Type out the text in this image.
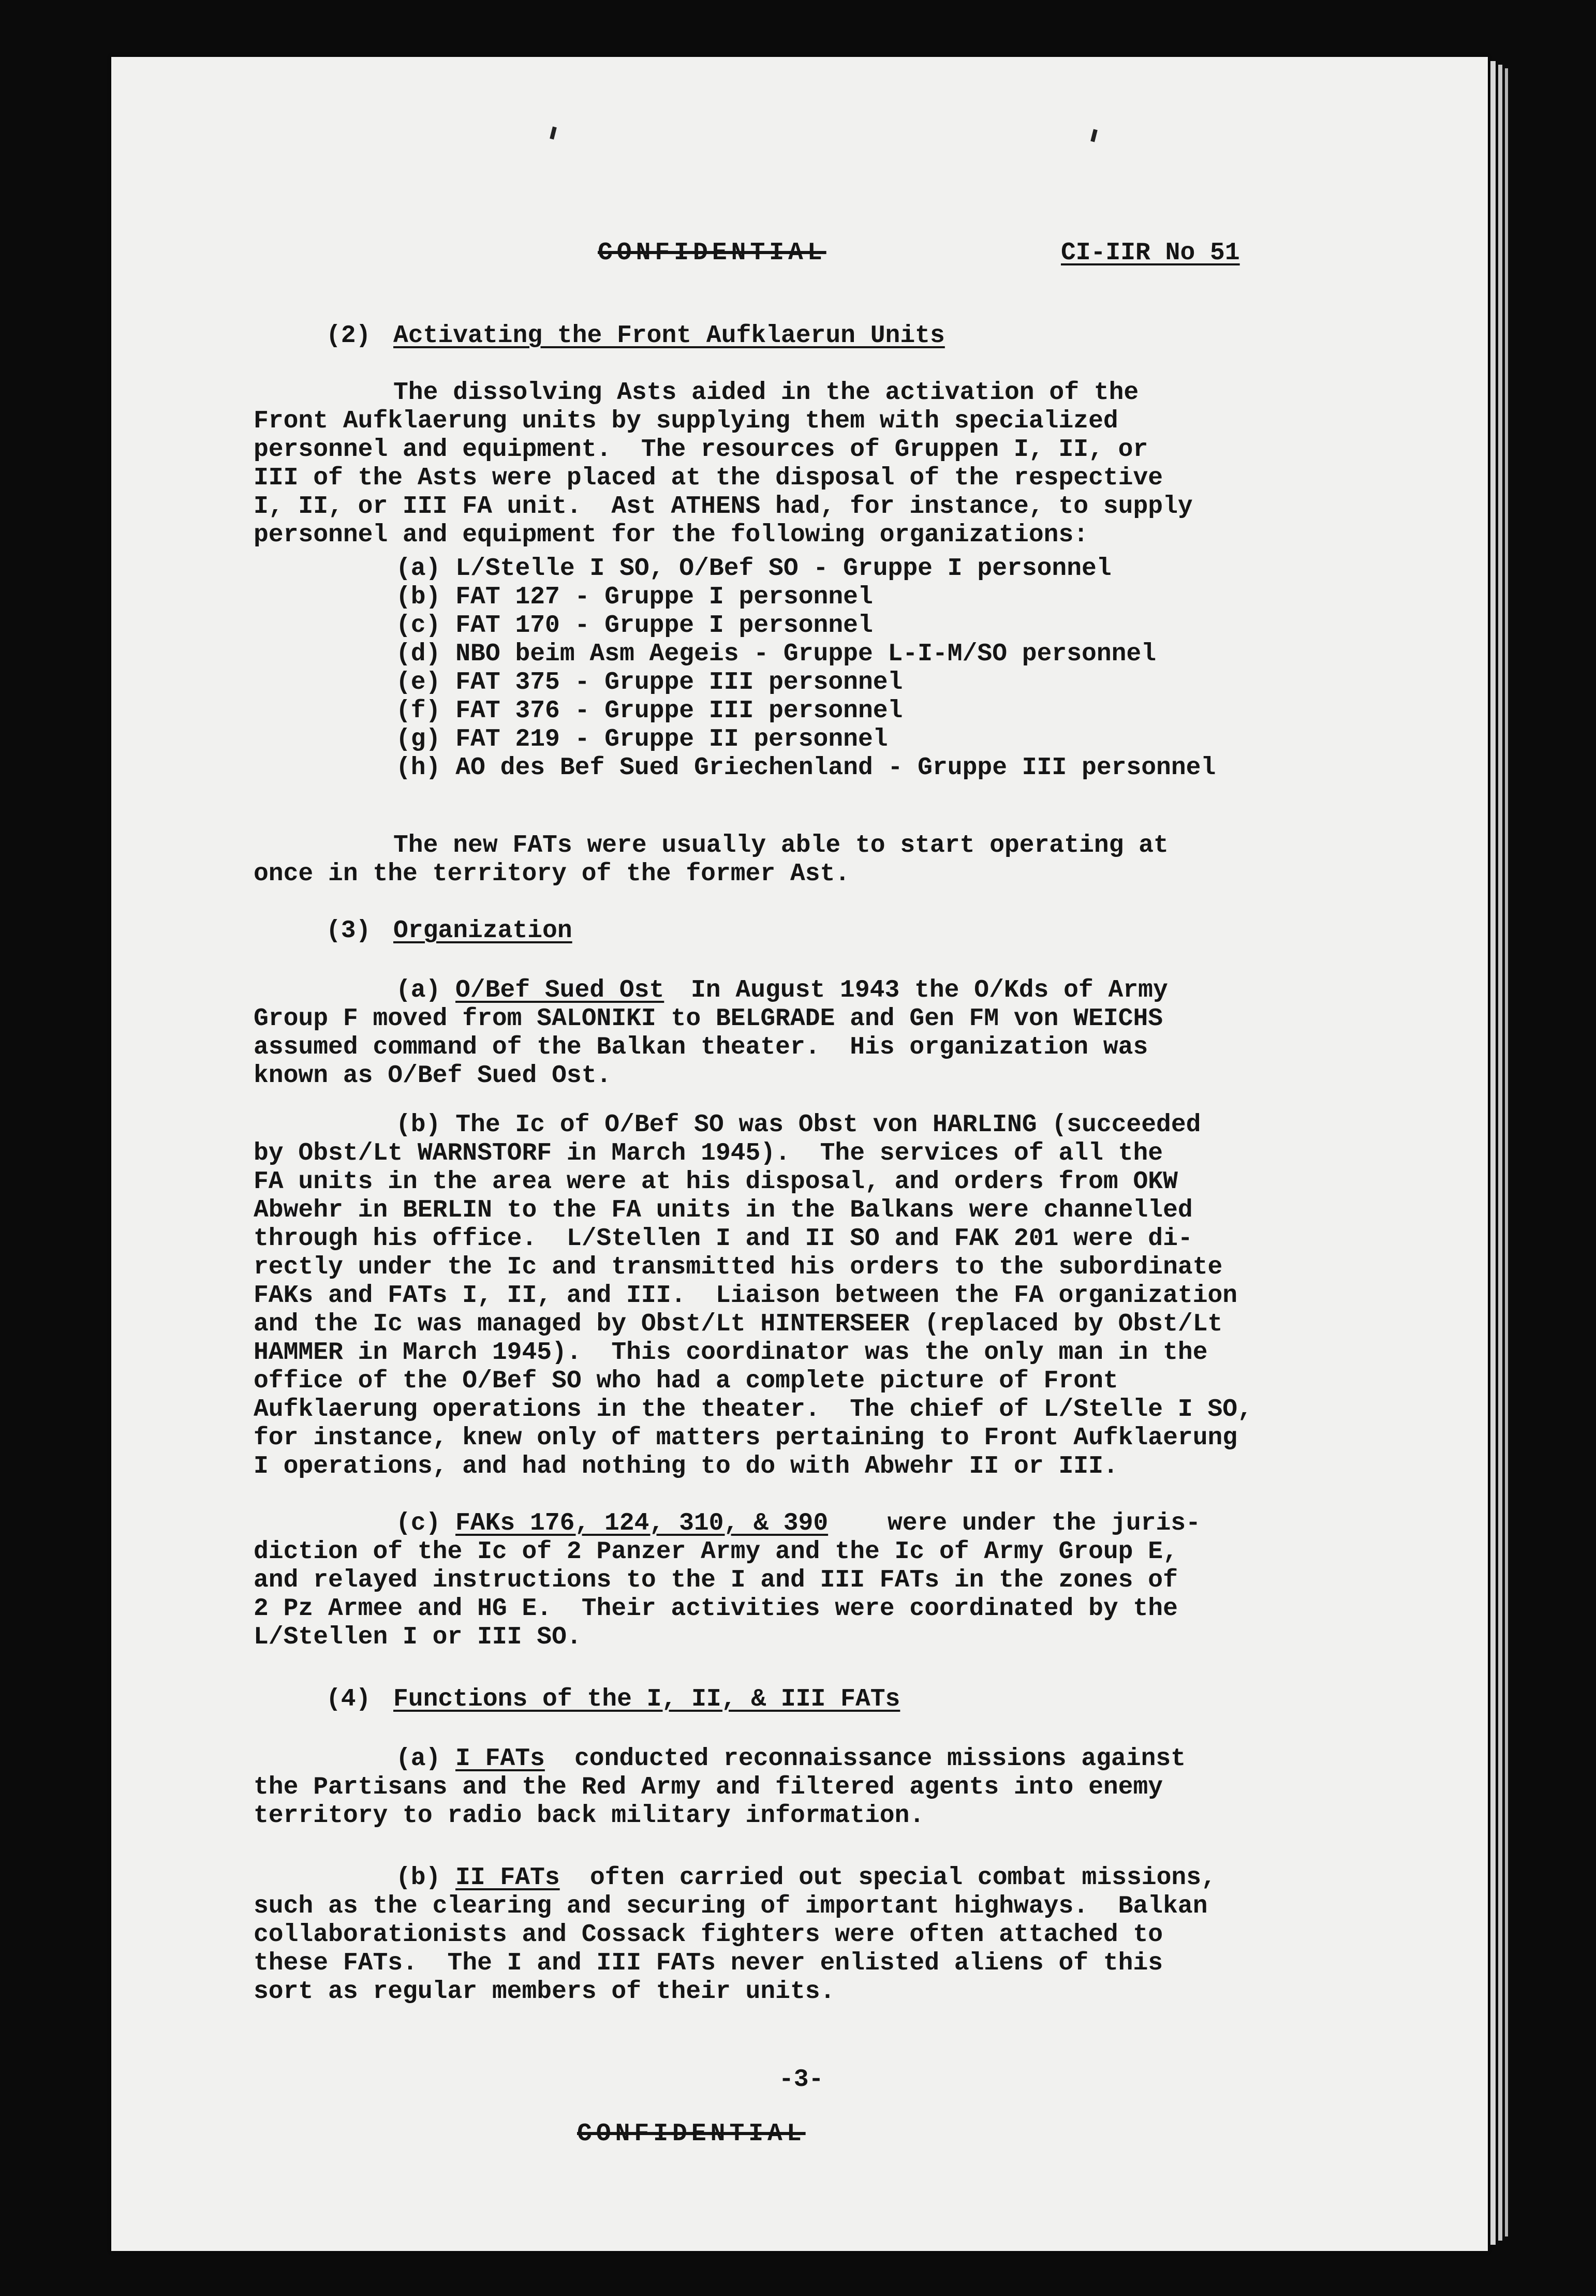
CONFIDENTIAL	CI-IIR No 51
(2) Activating the Front Aufklaerun Units
The dissolving Asts aided in the activation of the
Front Aufklaerung units by supplying them with specialized
personnel and equipment.  The resources of Gruppen I, II, or
III of the Asts were placed at the disposal of the respective
I, II, or III FA unit.  Ast ATHENS had, for instance, to supply
personnel and equipment for the following organizations:
(a) L/Stelle I SO, O/Bef SO - Gruppe I personnel
(b) FAT 127 - Gruppe I personnel
(c) FAT 170 - Gruppe I personnel
(d) NBO beim Asm Aegeis - Gruppe L-I-M/SO personnel
(e) FAT 375 - Gruppe III personnel
(f) FAT 376 - Gruppe III personnel
(g) FAT 219 - Gruppe II personnel
(h) AO des Bef Sued Griechenland - Gruppe III personnel
The new FATs were usually able to start operating at
once in the territory of the former Ast.
(3) Organization
(a) O/Bef Sued Ost In August 1943 the O/Kds of Army
Group F moved from SALONIKI to BELGRADE and Gen FM von WEICHS
assumed command of the Balkan theater.  His organization was
known as O/Bef Sued Ost.
(b) The Ic of O/Bef SO was Obst von HARLING (succeeded
by Obst/Lt WARNSTORF in March 1945).  The services of all the
FA units in the area were at his disposal, and orders from OKW
Abwehr in BERLIN to the FA units in the Balkans were channelled
through his office.  L/Stellen I and II SO and FAK 201 were di-
rectly under the Ic and transmitted his orders to the subordinate
FAKs and FATs I, II, and III.  Liaison between the FA organization
and the Ic was managed by Obst/Lt HINTERSEER (replaced by Obst/Lt
HAMMER in March 1945).  This coordinator was the only man in the
office of the O/Bef SO who had a complete picture of Front
Aufklaerung operations in the theater.  The chief of L/Stelle I SO,
for instance, knew only of matters pertaining to Front Aufklaerung
I operations, and had nothing to do with Abwehr II or III.
(c) FAKs 176, 124, 310, & 390 were under the juris-
diction of the Ic of 2 Panzer Army and the Ic of Army Group E,
and relayed instructions to the I and III FATs in the zones of
2 Pz Armee and HG E.  Their activities were coordinated by the
L/Stellen I or III SO.
(4) Functions of the I, II, & III FATs
(a) I FATs conducted reconnaissance missions against
the Partisans and the Red Army and filtered agents into enemy
territory to radio back military information.
(b) II FATs often carried out special combat missions,
such as the clearing and securing of important highways.  Balkan
collaborationists and Cossack fighters were often attached to
these FATs.  The I and III FATs never enlisted aliens of this
sort as regular members of their units.
-3-
CONFIDENTIAL
